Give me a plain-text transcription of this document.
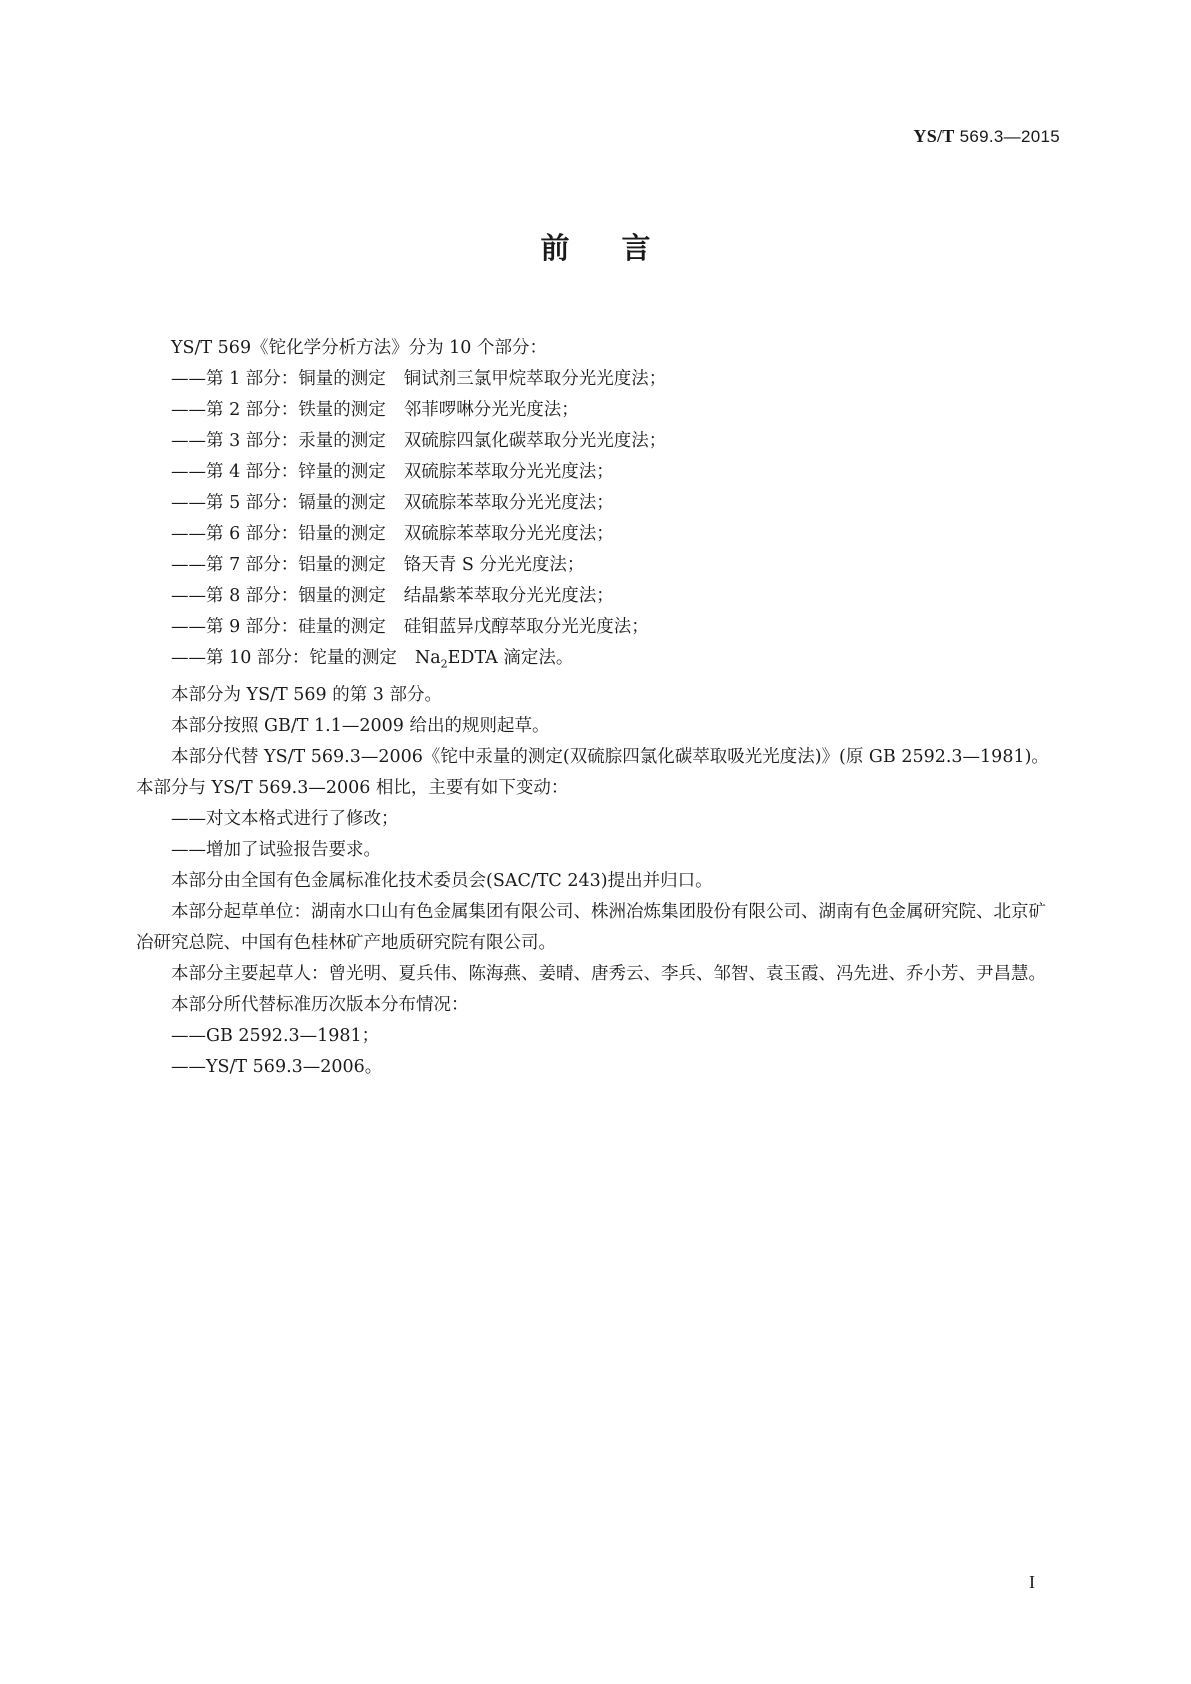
YS/T 569.3—2015
前言

YS/T 569《铊化学分析方法》分为 10 个部分：

——第 1 部分：铜量的测定 铜试剂三氯甲烷萃取分光光度法；

——第 2 部分：铁量的测定 邻菲啰啉分光光度法；

——第 3 部分：汞量的测定 双硫腙四氯化碳萃取分光光度法；

——第 4 部分：锌量的测定 双硫腙苯萃取分光光度法；

——第 5 部分：镉量的测定 双硫腙苯萃取分光光度法；

——第 6 部分：铅量的测定 双硫腙苯萃取分光光度法；

——第 7 部分：铝量的测定 铬天青 S 分光光度法；

——第 8 部分：铟量的测定 结晶紫苯萃取分光光度法；

——第 9 部分：硅量的测定 硅钼蓝异戊醇萃取分光光度法；

——第 10 部分：铊量的测定 $Na_2EDTA$ 滴定法。

本部分为 YS/T 569 的第 3 部分。

本部分按照 GB/T 1.1—2009 给出的规则起草。

本部分代替 YS/T 569.3—2006《铊中汞量的测定(双硫腙四氯化碳萃取吸光光度法)》(原 GB 2592.3—1981)。本部分与 YS/T 569.3—2006 相比，主要有如下变动：

——对文本格式进行了修改；

——增加了试验报告要求。

本部分由全国有色金属标准化技术委员会(SAC/TC 243)提出并归口。

本部分起草单位：湖南水口山有色金属集团有限公司、株洲冶炼集团股份有限公司、湖南有色金属研究院、北京矿冶研究总院、中国有色桂林矿产地质研究院有限公司。

本部分主要起草人：曾光明、夏兵伟、陈海燕、姜晴、唐秀云、李兵、邹智、袁玉霞、冯先进、乔小芳、尹昌慧。

本部分所代替标准历次版本分布情况：

——GB 2592.3—1981；

——YS/T 569.3—2006。

I
